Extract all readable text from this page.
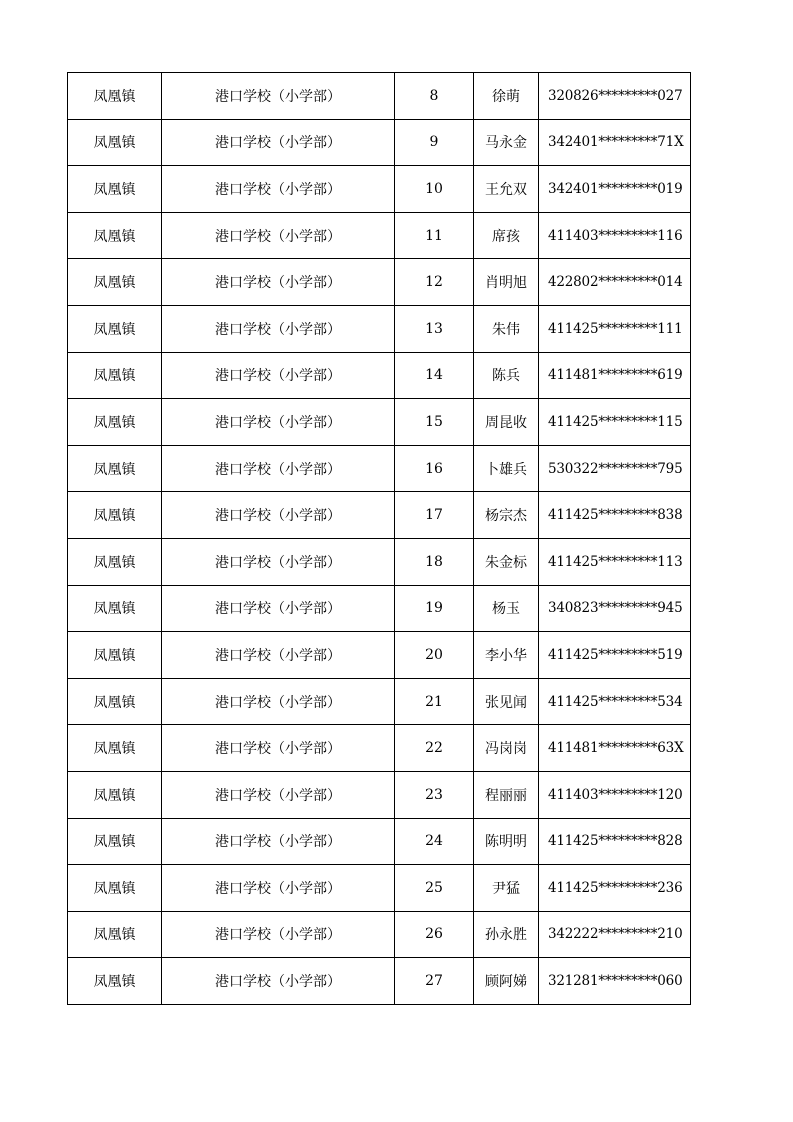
凤凰镇	港口学校（小学部）	8	徐萌	320826*********027
凤凰镇	港口学校（小学部）	9	马永金	342401*********71X
凤凰镇	港口学校（小学部）	10	王允双	342401*********019
凤凰镇	港口学校（小学部）	11	席孩	411403*********116
凤凰镇	港口学校（小学部）	12	肖明旭	422802*********014
凤凰镇	港口学校（小学部）	13	朱伟	411425*********111
凤凰镇	港口学校（小学部）	14	陈兵	411481*********619
凤凰镇	港口学校（小学部）	15	周昆收	411425*********115
凤凰镇	港口学校（小学部）	16	卜雄兵	530322*********795
凤凰镇	港口学校（小学部）	17	杨宗杰	411425*********838
凤凰镇	港口学校（小学部）	18	朱金标	411425*********113
凤凰镇	港口学校（小学部）	19	杨玉	340823*********945
凤凰镇	港口学校（小学部）	20	李小华	411425*********519
凤凰镇	港口学校（小学部）	21	张见闻	411425*********534
凤凰镇	港口学校（小学部）	22	冯岗岗	411481*********63X
凤凰镇	港口学校（小学部）	23	程丽丽	411403*********120
凤凰镇	港口学校（小学部）	24	陈明明	411425*********828
凤凰镇	港口学校（小学部）	25	尹猛	411425*********236
凤凰镇	港口学校（小学部）	26	孙永胜	342222*********210
凤凰镇	港口学校（小学部）	27	顾阿娣	321281*********060
